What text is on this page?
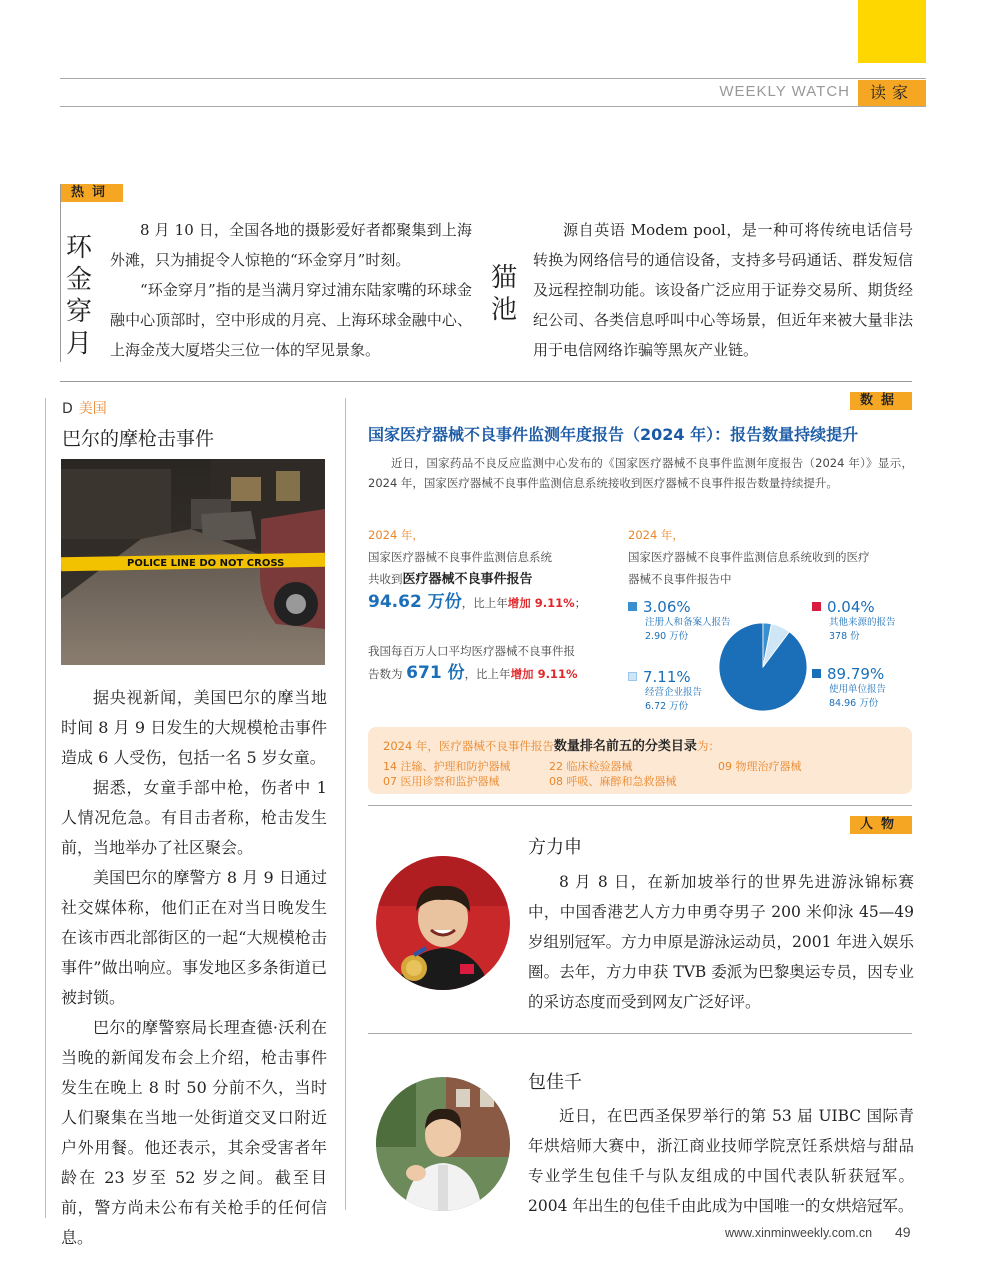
WEEKLY WATCH	读家
热词
环
金
穿
月

8 月 10 日，全国各地的摄影爱好者都聚集到上海外滩，只为捕捉令人惊艳的“环金穿月”时刻。

“环金穿月”指的是当满月穿过浦东陆家嘴的环球金融中心顶部时，空中形成的月亮、上海环球金融中心、上海金茂大厦塔尖三位一体的罕见景象。

猫
池

源自英语 Modem pool，是一种可将传统电话信号转换为网络信号的通信设备，支持多号码通话、群发短信及远程控制功能。该设备广泛应用于证券交易所、期货经纪公司、各类信息呼叫中心等场景，但近年来被大量非法用于电信网络诈骗等黑灰产业链。

D 美国
巴尔的摩枪击事件
POLICE LINE DO NOT CROSS

据央视新闻，美国巴尔的摩当地时间 8 月 9 日发生的大规模枪击事件造成 6 人受伤，包括一名 5 岁女童。

据悉，女童手部中枪，伤者中 1 人情况危急。有目击者称，枪击发生前，当地举办了社区聚会。

美国巴尔的摩警方 8 月 9 日通过社交媒体称，他们正在对当日晚发生在该市西北部街区的一起“大规模枪击事件”做出响应。事发地区多条街道已被封锁。

巴尔的摩警察局长理查德·沃利在当晚的新闻发布会上介绍，枪击事件发生在晚上 8 时 50 分前不久，当时人们聚集在当地一处街道交叉口附近户外用餐。他还表示，其余受害者年龄在 23 岁至 52 岁之间。截至目前，警方尚未公布有关枪手的任何信息。

数据
国家医疗器械不良事件监测年度报告（2024 年）：报告数量持续提升

近日，国家药品不良反应监测中心发布的《国家医疗器械不良事件监测年度报告（2024 年）》显示，2024 年，国家医疗器械不良事件监测信息系统接收到医疗器械不良事件报告数量持续提升。

2024 年，
国家医疗器械不良事件监测信息系统
共收到医疗器械不良事件报告
94.62 万份，比上年增加 9.11%；
我国每百万人口平均医疗器械不良事件报
告数为 671 份，比上年增加 9.11%
2024 年，
国家医疗器械不良事件监测信息系统收到的医疗
器械不良事件报告中
3.06%
注册人和备案人报告
2.90 万份
0.04%
其他来源的报告
378 份
7.11%
经营企业报告
6.72 万份
89.79%
使用单位报告
84.96 万份
2024 年，医疗器械不良事件报告数量排名前五的分类目录为：
14 注输、护理和防护器械	22 临床检验器械	09 物理治疗器械
07 医用诊察和监护器械	08 呼吸、麻醉和急救器械
人物
方力申

8 月 8 日，在新加坡举行的世界先进游泳锦标赛中，中国香港艺人方力申勇夺男子 200 米仰泳 45—49 岁组别冠军。方力申原是游泳运动员，2001 年进入娱乐圈。去年，方力申获 TVB 委派为巴黎奥运专员，因专业的采访态度而受到网友广泛好评。

包佳千

近日，在巴西圣保罗举行的第 53 届 UIBC 国际青年烘焙师大赛中，浙江商业技师学院烹饪系烘焙与甜品专业学生包佳千与队友组成的中国代表队斩获冠军。2004 年出生的包佳千由此成为中国唯一的女烘焙冠军。

www.xinminweekly.com.cn 49
